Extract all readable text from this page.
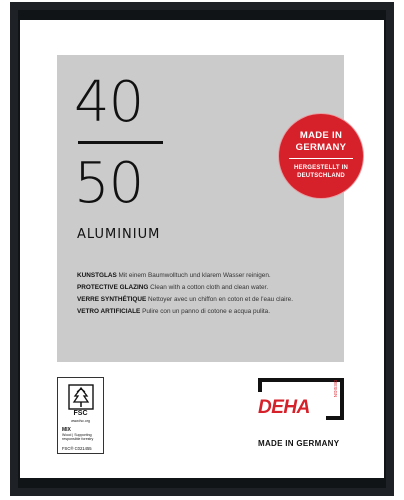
40
50
ALUMINIUM
KUNSTGLAS Mit einem Baumwolltuch und klarem Wasser reinigen.
PROTECTIVE GLAZING Clean with a cotton cloth and clean water.
VERRE SYNTHÉTIQUE Nettoyer avec un chiffon en coton et de l'eau claire.
VETRO ARTIFICIALE Pulire con un panno di cotone e acqua pulita.
MADE IN
GERMANY
HERGESTELLT IN
DEUTSCHLAND
FSC
www.fsc.org
MIX
Wood | Supporting responsible forestry
FSC® C021455
DEHA
DESIGN
MADE IN GERMANY
